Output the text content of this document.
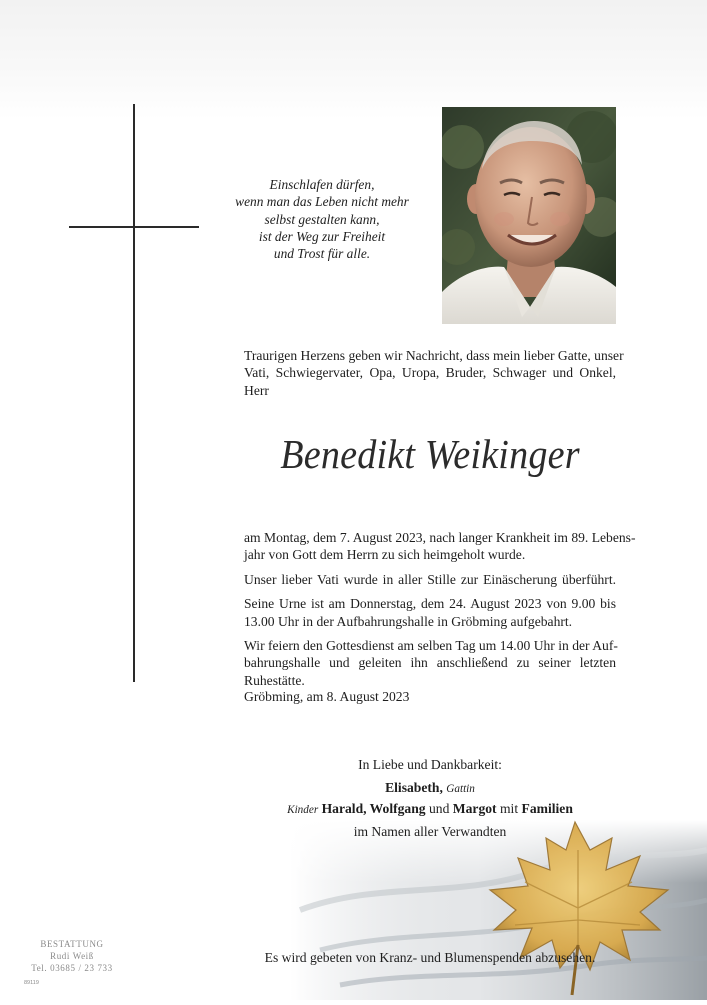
Einschlafen dürfen,
wenn man das Leben nicht mehr
selbst gestalten kann,
ist der Weg zur Freiheit
und Trost für alle.
Traurigen Herzens geben wir Nachricht, dass mein lieber Gatte, unser
Vati, Schwiegervater, Opa, Uropa, Bruder, Schwager und Onkel,
Herr
Benedikt Weikinger
am Montag, dem 7. August 2023, nach langer Krankheit im 89. Lebens-
jahr von Gott dem Herrn zu sich heimgeholt wurde.
Unser lieber Vati wurde in aller Stille zur Einäscherung überführt.
Seine Urne ist am Donnerstag, dem 24. August 2023 von 9.00 bis
13.00 Uhr in der Aufbahrungshalle in Gröbming aufgebahrt.
Wir feiern den Gottesdienst am selben Tag um 14.00 Uhr in der Auf-
bahrungshalle und geleiten ihn anschließend zu seiner letzten
Ruhestätte.
Gröbming, am 8. August 2023
In Liebe und Dankbarkeit:
Elisabeth, Gattin
Kinder Harald, Wolfgang und Margot mit Familien
im Namen aller Verwandten
Es wird gebeten von Kranz- und Blumenspenden abzusehen.
BESTATTUNG
Rudi Weiß
Tel. 03685 / 23 733
89119
